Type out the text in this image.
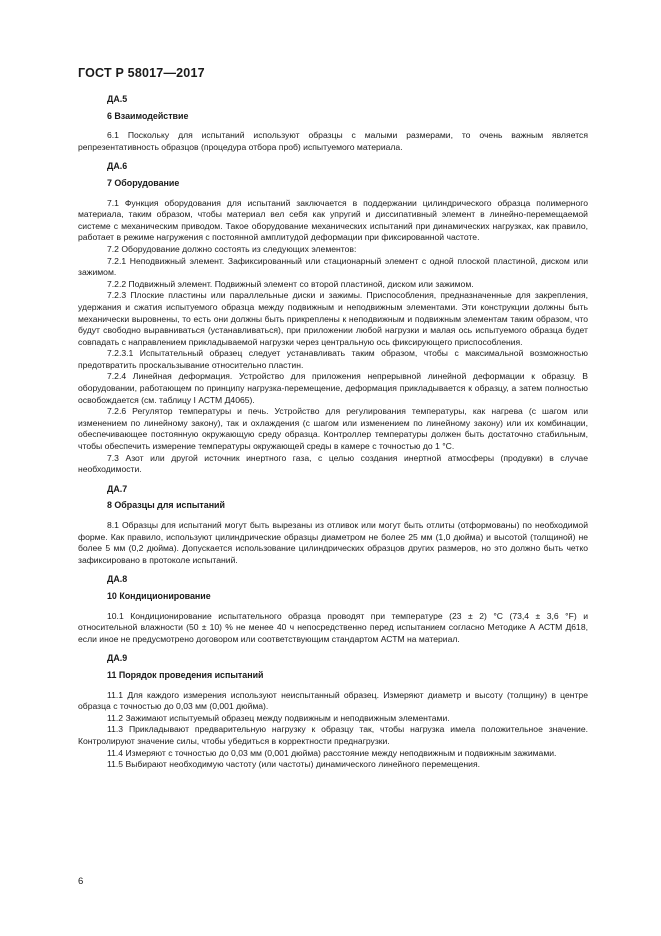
ГОСТ Р 58017—2017
ДА.5
6 Взаимодействие
6.1 Поскольку для испытаний используют образцы с малыми размерами, то очень важным является репрезентативность образцов (процедура отбора проб) испытуемого материала.
ДА.6
7 Оборудование
7.1 Функция оборудования для испытаний заключается в поддержании цилиндрического образца полимерного материала, таким образом, чтобы материал вел себя как упругий и диссипативный элемент в линейно-перемещаемой системе с механическим приводом. Такое оборудование механических испытаний при динамических нагрузках, как правило, работает в режиме нагружения с постоянной амплитудой деформации при фиксированной частоте.
7.2 Оборудование должно состоять из следующих элементов:
7.2.1 Неподвижный элемент. Зафиксированный или стационарный элемент с одной плоской пластиной, диском или зажимом.
7.2.2 Подвижный элемент. Подвижный элемент со второй пластиной, диском или зажимом.
7.2.3 Плоские пластины или параллельные диски и зажимы. Приспособления, предназначенные для закрепления, удержания и сжатия испытуемого образца между подвижным и неподвижным элементами. Эти конструкции должны быть механически выровнены, то есть они должны быть прикреплены к неподвижным и подвижным элементам таким образом, что будут свободно выравниваться (устанавливаться), при приложении любой нагрузки и малая ось испытуемого образца будет совпадать с направлением прикладываемой нагрузки через центральную ось фиксирующего приспособления.
7.2.3.1 Испытательный образец следует устанавливать таким образом, чтобы с максимальной возможностью предотвратить проскальзывание относительно пластин.
7.2.4 Линейная деформация. Устройство для приложения непрерывной линейной деформации к образцу. В оборудовании, работающем по принципу нагрузка-перемещение, деформация прикладывается к образцу, а затем полностью освобождается (см. таблицу I АСТМ Д4065).
7.2.6 Регулятор температуры и печь. Устройство для регулирования температуры, как нагрева (с шагом или изменением по линейному закону), так и охлаждения (с шагом или изменением по линейному закону) или их комбинации, обеспечивающее постоянную окружающую среду образца. Контроллер температуры должен быть достаточно стабильным, чтобы обеспечить измерение температуры окружающей среды в камере с точностью до 1 °С.
7.3 Азот или другой источник инертного газа, с целью создания инертной атмосферы (продувки) в случае необходимости.
ДА.7
8 Образцы для испытаний
8.1 Образцы для испытаний могут быть вырезаны из отливок или могут быть отлиты (отформованы) по необходимой форме. Как правило, используют цилиндрические образцы диаметром не более 25 мм (1,0 дюйма) и высотой (толщиной) не более 5 мм (0,2 дюйма). Допускается использование цилиндрических образцов других размеров, но это должно быть четко зафиксировано в протоколе испытаний.
ДА.8
10 Кондиционирование
10.1 Кондиционирование испытательного образца проводят при температуре (23 ± 2) °С (73,4 ± 3,6 °F) и относительной влажности (50 ± 10) % не менее 40 ч непосредственно перед испытанием согласно Методике А АСТМ Д618, если иное не предусмотрено договором или соответствующим стандартом АСТМ на материал.
ДА.9
11 Порядок проведения испытаний
11.1 Для каждого измерения используют неиспытанный образец. Измеряют диаметр и высоту (толщину) в центре образца с точностью до 0,03 мм (0,001 дюйма).
11.2 Зажимают испытуемый образец между подвижным и неподвижным элементами.
11.3 Прикладывают предварительную нагрузку к образцу так, чтобы нагрузка имела положительное значение. Контролируют значение силы, чтобы убедиться в корректности преднагрузки.
11.4 Измеряют с точностью до 0,03 мм (0,001 дюйма) расстояние между неподвижным и подвижным зажимами.
11.5 Выбирают необходимую частоту (или частоты) динамического линейного перемещения.
6
